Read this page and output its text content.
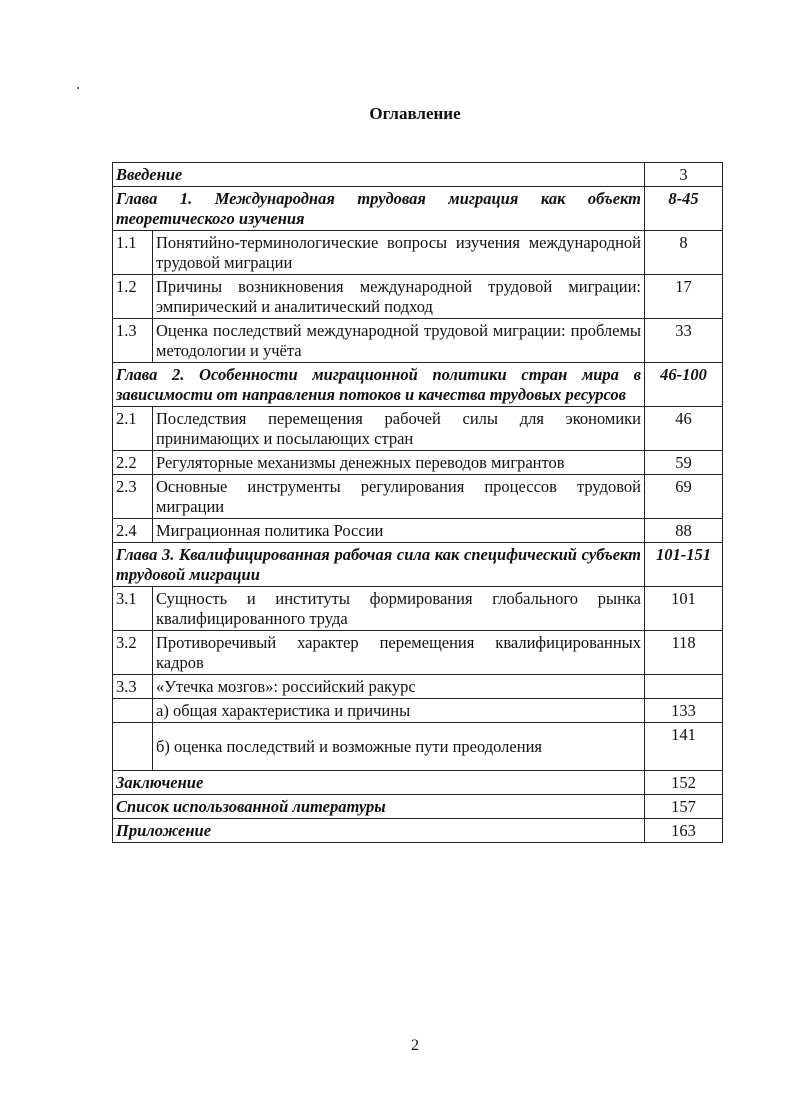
Оглавление
Введение		3
Глава 1. Международная трудовая миграция как объект теоретического изучения		8-45
1.1	Понятийно-терминологические вопросы изучения международной трудовой миграции	8
1.2	Причины возникновения международной трудовой миграции: эмпирический и аналитический подход	17
1.3	Оценка последствий международной трудовой миграции: проблемы методологии и учёта	33
Глава 2. Особенности миграционной политики стран мира в зависимости от направления потоков и качества трудовых ресурсов		46-100
2.1	Последствия перемещения рабочей силы для экономики принимающих и посылающих стран	46
2.2	Регуляторные механизмы денежных переводов мигрантов	59
2.3	Основные инструменты регулирования процессов трудовой миграции	69
2.4	Миграционная политика России	88
Глава 3. Квалифицированная рабочая сила как специфический субъект трудовой миграции		101-151
3.1	Сущность и институты формирования глобального рынка квалифицированного труда	101
3.2	Противоречивый характер перемещения квалифицированных кадров	118
3.3	«Утечка мозгов»: российский ракурс	
	а) общая характеристика и причины	133
	б) оценка последствий и возможные пути преодоления	141
Заключение		152
Список использованной литературы		157
Приложение		163
2
